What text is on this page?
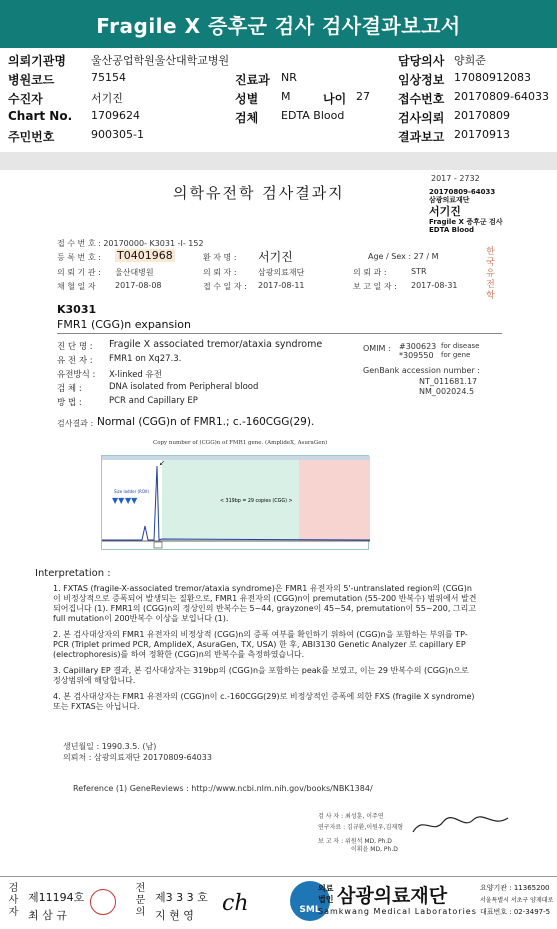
Fragile X 증후군 검사 검사결과보고서
의뢰기관명 울산공업학원울산대학교병원	담당의사 양희준
병원코드	75154	진료과 NR	임상정보 17080912083
수진자	서기진	성별 M	나이 27 접수번호 20170809-64033
Chart No. 1709624	검체 EDTA Blood	검사의뢰 20170809
주민번호	900305-1	결과보고 20170913
2017 - 2732
의학유전학 검사결과지	20170809-64033
삼광의료재단
서기진
Fragile X 증후군 검사
EDTA Blood
접 수 번 호 : 20170000- K3031 -I- 152
등 록 번 호 : T0401968	환 자 명 : 서기진	Age / Sex : 27 / M
의 뢰 기 관 : 울산대병원	의 뢰 자 :	삼광의료재단	의 뢰 과 :	STR
채 혈 일 자 2017-08-08	접 수 일 자 : 2017-08-11	보 고 일 자 : 2017-08-31	한국유전학
K3031
FMR1 (CGG)n expansion
진 단 명 : Fragile X associated tremor/ataxia syndrome
유 전 자 : FMR1 on Xq27.3.
유전방식 : X-linked 유전
검 체 :	DNA isolated from Peripheral blood
방 법 :	PCR and Capillary EP
OMIM : #300623 for disease
*309550 for gene
GenBank accession number :
NT_011681.17
NM_002024.5
검사결과 : Normal (CGG)n of FMR1.; c.-160CGG(29).
Copy number of (CGG)n of FMR1 gene. (AmplideX, AsuraGen)
Size ladder (ROX)
▼▼ ▼▼
↙
< 319bp = 29 copies (CGG) >
Interpretation :

1. FXTAS (fragile-X-associated tremor/ataxia syndrome)은 FMR1 유전자의 5'-untranslated region의 (CGG)n 이 비정상적으로 증폭되어 발생되는 질환으로, FMR1 유전자의 (CGG)n이 premutation (55-200 반복수) 범위에서 발견되어집니다 (1). FMR1의 (CGG)n의 정상인의 반복수는 5~44, grayzone이 45~54, premutation이 55~200, 그리고 full mutation이 200반복수 이상을 보입니다 (1).

2. 본 검사대상자의 FMR1 유전자의 비정상적 (CGG)n의 증폭 여부를 확인하기 위하여 (CGG)n을 포함하는 부위를 TP-PCR (Triplet primed PCR, AmplideX, AsuraGen, TX, USA) 한 후, ABI3130 Genetic Analyzer 로 capillary EP (electrophoresis)를 하여 정확한 (CGG)n의 반복수를 측정하였습니다.

3. Capillary EP 결과, 본 검사대상자는 319bp의 (CGG)n을 포함하는 peak를 보였고, 이는 29 반복수의 (CGG)n으로 정상범위에 해당합니다.

4. 본 검사대상자는 FMR1 유전자의 (CGG)n이 c.-160CGG(29)로 비정상적인 증폭에 의한 FXS (fragile X syndrome) 또는 FXTAS는 아닙니다.

생년월일 : 1990.3.5. (남)
의뢰처 : 삼광의료재단 20170809-64033
Reference (1) GeneReviews : http://www.ncbi.nlm.nih.gov/books/NBK1384/
검 사 자 : 최성훈, 이주연
연구자료 : 김규환,이원우,김재형
보 고 자 : 위원석 MD, Ph.D
이휘윤 MD, Ph.D
검사자 제11194호
최 삼 규	전문의 제3 3 3 호
지 현 영 ch	SML
의료
법인 삼광의료재단
Samkwang Medical Laboratories
요양기관 : 11365200
서울특별시 서초구 양재대로
대표번호 : 02-3497-5
